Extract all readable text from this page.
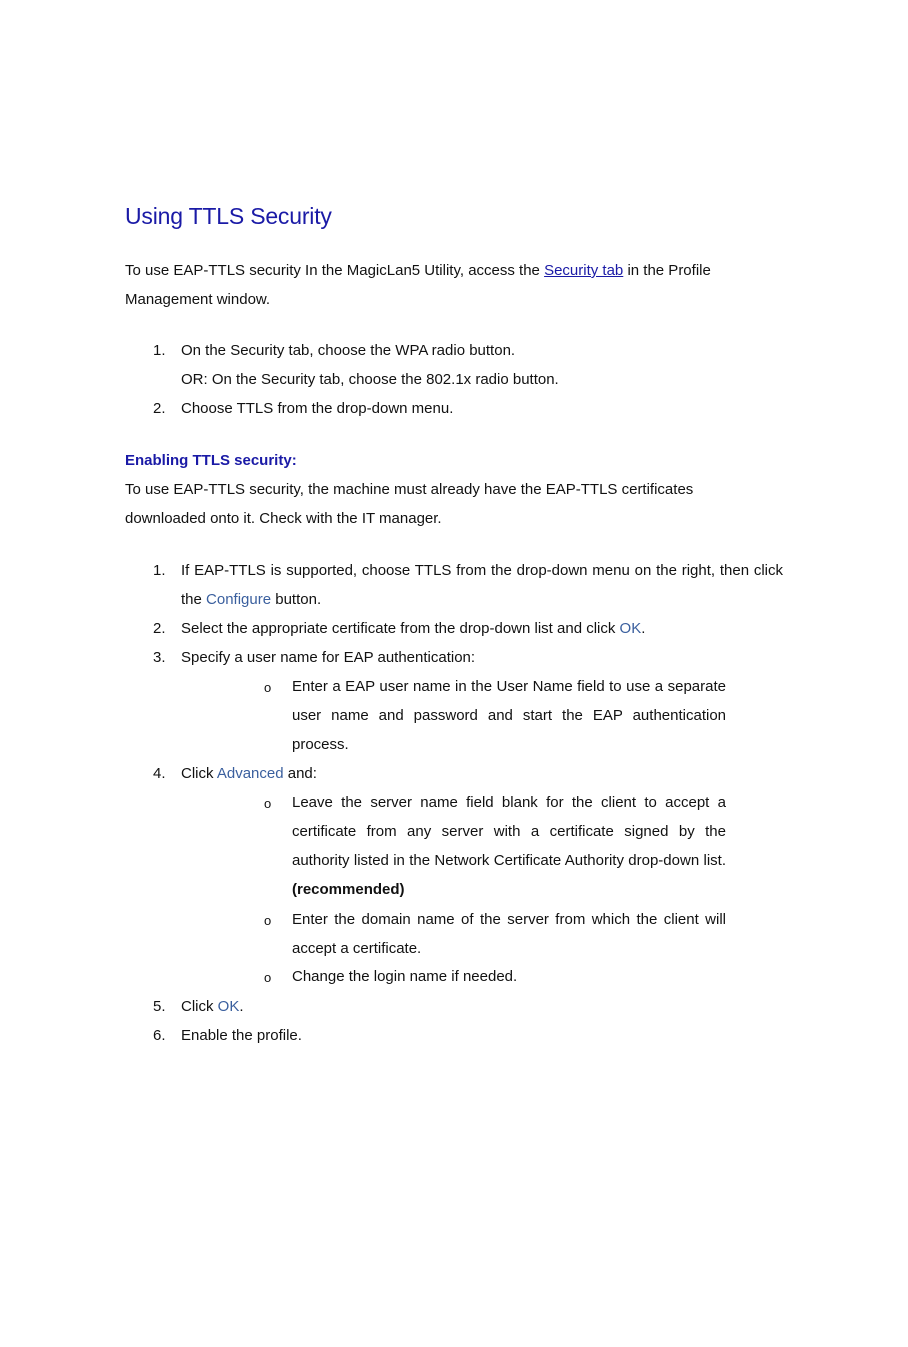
Using TTLS Security

To use EAP-TTLS security In the MagicLan5 Utility, access the Security tab in the Profile Management window.

1. On the Security tab, choose the WPA radio button.
OR: On the Security tab, choose the 802.1x radio button.
2. Choose TTLS from the drop-down menu.
Enabling TTLS security:

To use EAP-TTLS security, the machine must already have the EAP-TTLS certificates downloaded onto it. Check with the IT manager.

1. If EAP-TTLS is supported, choose TTLS from the drop-down menu on the right, then click the Configure button.
2. Select the appropriate certificate from the drop-down list and click OK.
3. Specify a user name for EAP authentication:
o Enter a EAP user name in the User Name field to use a separate user name and password and start the EAP authentication process.
4. Click Advanced and:
o Leave the server name field blank for the client to accept a certificate from any server with a certificate signed by the authority listed in the Network Certificate Authority drop-down list. (recommended)
o Enter the domain name of the server from which the client will accept a certificate.
o Change the login name if needed.
5. Click OK.
6. Enable the profile.
